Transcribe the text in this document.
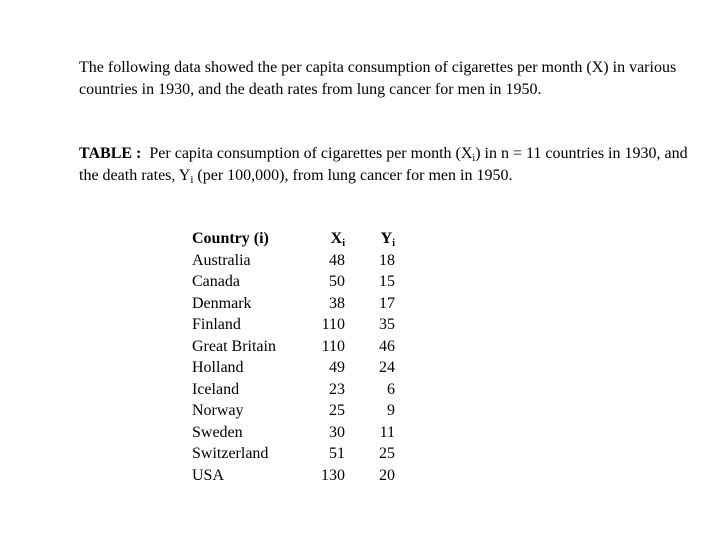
The following data showed the per capita consumption of cigarettes per month (X) in various countries in 1930, and the death rates from lung cancer for men in 1950.

TABLE : Per capita consumption of cigarettes per month $(X_i)$ in n = 11 countries in 1930, and the death rates, $Y_i$ (per 100,000), from lung cancer for men in 1950.

Country (i)	$X_i$	$Y_i$
Australia	48	18
Canada	50	15
Denmark	38	17
Finland	110	35
Great Britain	110	46
Holland	49	24
Iceland	23	6
Norway	25	9
Sweden	30	11
Switzerland	51	25
USA	130	20
